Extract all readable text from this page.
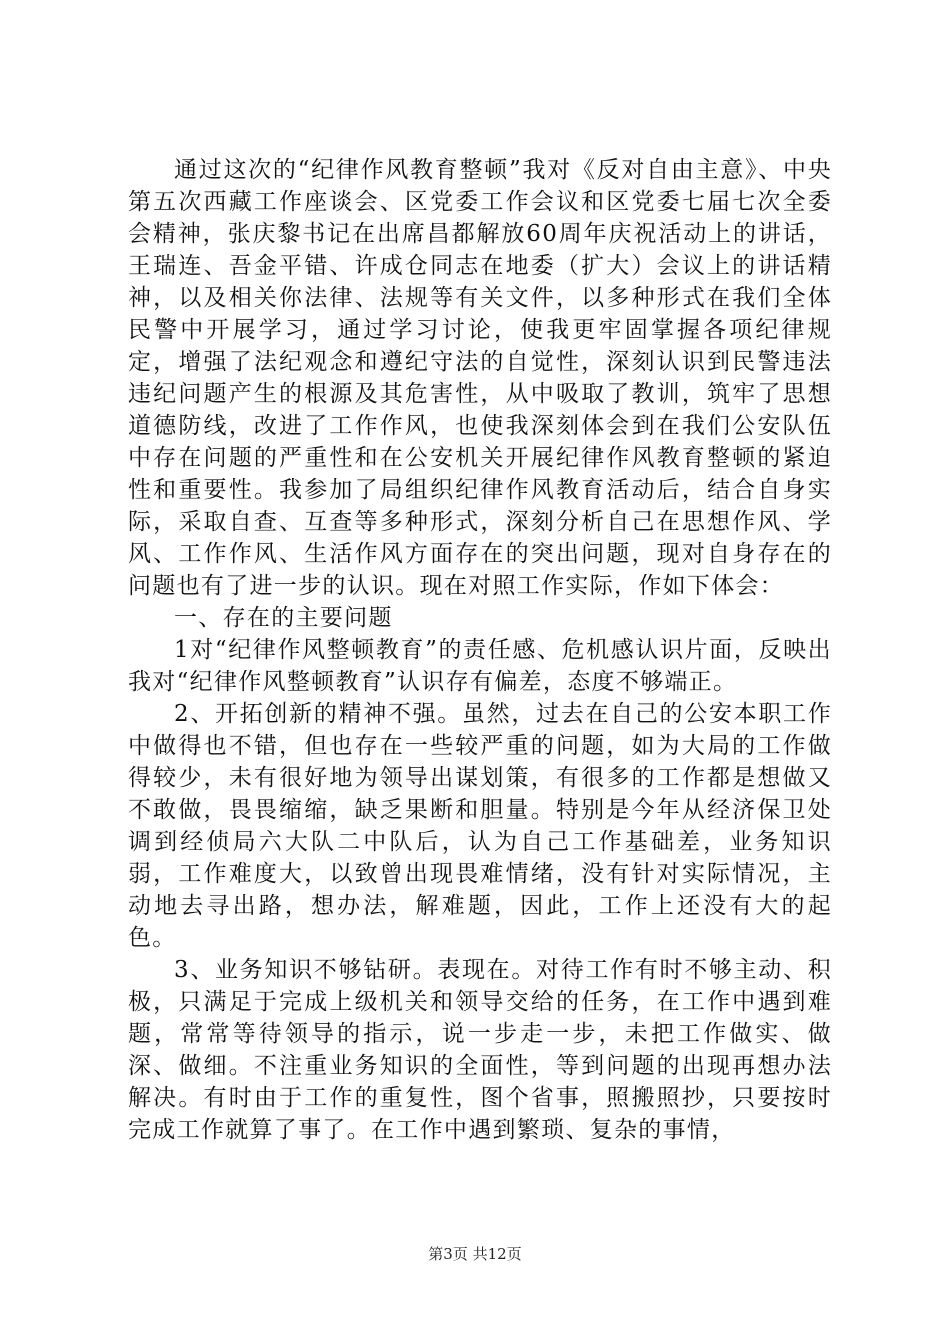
通过这次的“纪律作风教育整顿”我对《反对自由主意》、中央第五次西藏工作座谈会、区党委工作会议和区党委七届七次全委会精神，张庆黎书记在出席昌都解放60周年庆祝活动上的讲话，王瑞连、吾金平错、许成仓同志在地委（扩大）会议上的讲话精神，以及相关你法律、法规等有关文件，以多种形式在我们全体民警中开展学习，通过学习讨论，使我更牢固掌握各项纪律规定，增强了法纪观念和遵纪守法的自觉性，深刻认识到民警违法违纪问题产生的根源及其危害性，从中吸取了教训，筑牢了思想道德防线，改进了工作作风，也使我深刻体会到在我们公安队伍中存在问题的严重性和在公安机关开展纪律作风教育整顿的紧迫性和重要性。我参加了局组织纪律作风教育活动后，结合自身实际，采取自查、互查等多种形式，深刻分析自己在思想作风、学风、工作作风、生活作风方面存在的突出问题，现对自身存在的问题也有了进一步的认识。现在对照工作实际，作如下体会：

一、存在的主要问题

1对“纪律作风整顿教育”的责任感、危机感认识片面，反映出我对“纪律作风整顿教育”认识存有偏差，态度不够端正。

2、开拓创新的精神不强。虽然，过去在自己的公安本职工作中做得也不错，但也存在一些较严重的问题，如为大局的工作做得较少，未有很好地为领导出谋划策，有很多的工作都是想做又不敢做，畏畏缩缩，缺乏果断和胆量。特别是今年从经济保卫处调到经侦局六大队二中队后，认为自己工作基础差，业务知识弱，工作难度大，以致曾出现畏难情绪，没有针对实际情况，主动地去寻出路，想办法，解难题，因此，工作上还没有大的起色。

3、业务知识不够钻研。表现在。对待工作有时不够主动、积极，只满足于完成上级机关和领导交给的任务，在工作中遇到难题，常常等待领导的指示，说一步走一步，未把工作做实、做深、做细。不注重业务知识的全面性，等到问题的出现再想办法解决。有时由于工作的重复性，图个省事，照搬照抄，只要按时完成工作就算了事了。在工作中遇到繁琐、复杂的事情，

第3页 共12页
